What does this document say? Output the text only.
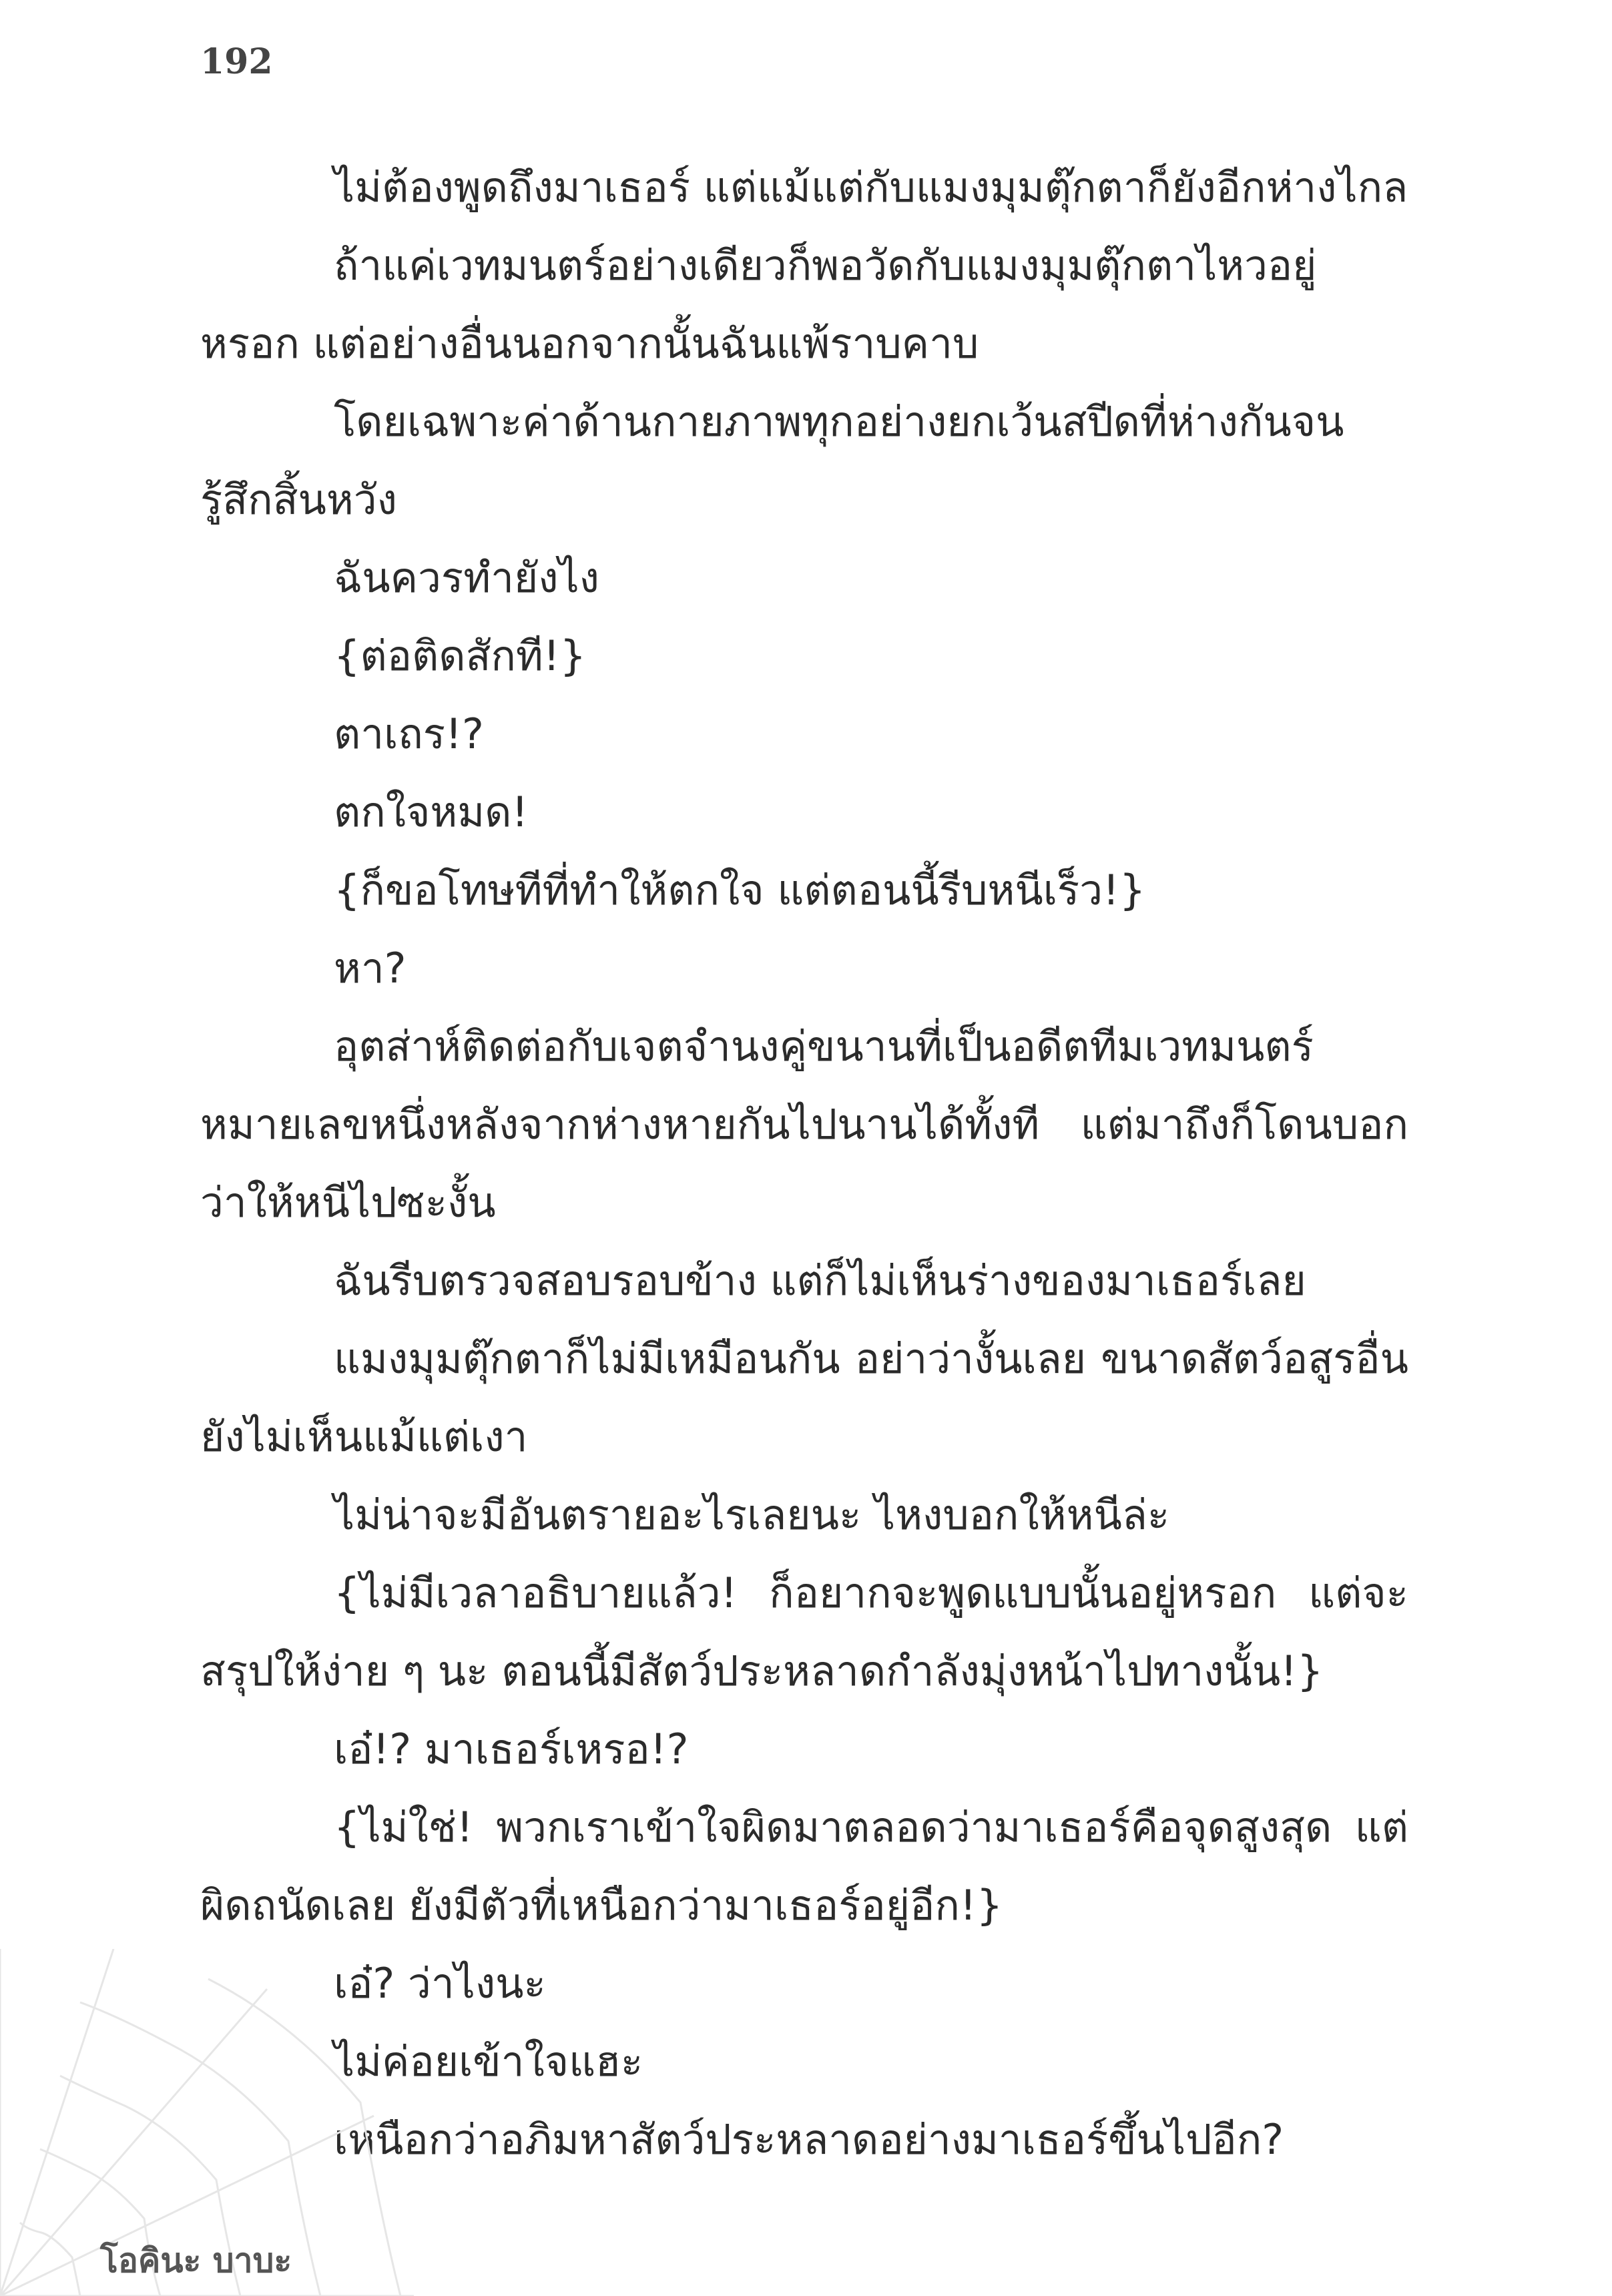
192

ไม่ต้องพูดถึงมาเธอร์ แต่แม้แต่กับแมงมุมตุ๊กตาก็ยังอีกห่างไกล

ถ้าแค่เวทมนตร์อย่างเดียวก็พอวัดกับแมงมุมตุ๊กตาไหวอยู่หรอก แต่อย่างอื่นนอกจากนั้นฉันแพ้ราบคาบ

โดยเฉพาะค่าด้านกายภาพทุกอย่างยกเว้นสปีดที่ห่างกันจนรู้สึกสิ้นหวัง

ฉันควรทำยังไง

{ต่อติดสักที!}

ตาเถร!?

ตกใจหมด!

{ก็ขอโทษทีที่ทำให้ตกใจ แต่ตอนนี้รีบหนีเร็ว!}

หา?

อุตส่าห์ติดต่อกับเจตจำนงคู่ขนานที่เป็นอดีตทีมเวทมนตร์หมายเลขหนึ่งหลังจากห่างหายกันไปนานได้ทั้งที แต่มาถึงก็โดนบอกว่าให้หนีไปซะงั้น

ฉันรีบตรวจสอบรอบข้าง แต่ก็ไม่เห็นร่างของมาเธอร์เลย

แมงมุมตุ๊กตาก็ไม่มีเหมือนกัน อย่าว่างั้นเลย ขนาดสัตว์อสูรอื่นยังไม่เห็นแม้แต่เงา

ไม่น่าจะมีอันตรายอะไรเลยนะ ไหงบอกให้หนีล่ะ

{ไม่มีเวลาอธิบายแล้ว! ก็อยากจะพูดแบบนั้นอยู่หรอก แต่จะสรุปให้ง่าย ๆ นะ ตอนนี้มีสัตว์ประหลาดกำลังมุ่งหน้าไปทางนั้น!}

เอ๋!? มาเธอร์เหรอ!?

{ไม่ใช่! พวกเราเข้าใจผิดมาตลอดว่ามาเธอร์คือจุดสูงสุด แต่ผิดถนัดเลย ยังมีตัวที่เหนือกว่ามาเธอร์อยู่อีก!}

เอ๋? ว่าไงนะ

ไม่ค่อยเข้าใจแฮะ

เหนือกว่าอภิมหาสัตว์ประหลาดอย่างมาเธอร์ขึ้นไปอีก?

โอคินะ บาบะ
